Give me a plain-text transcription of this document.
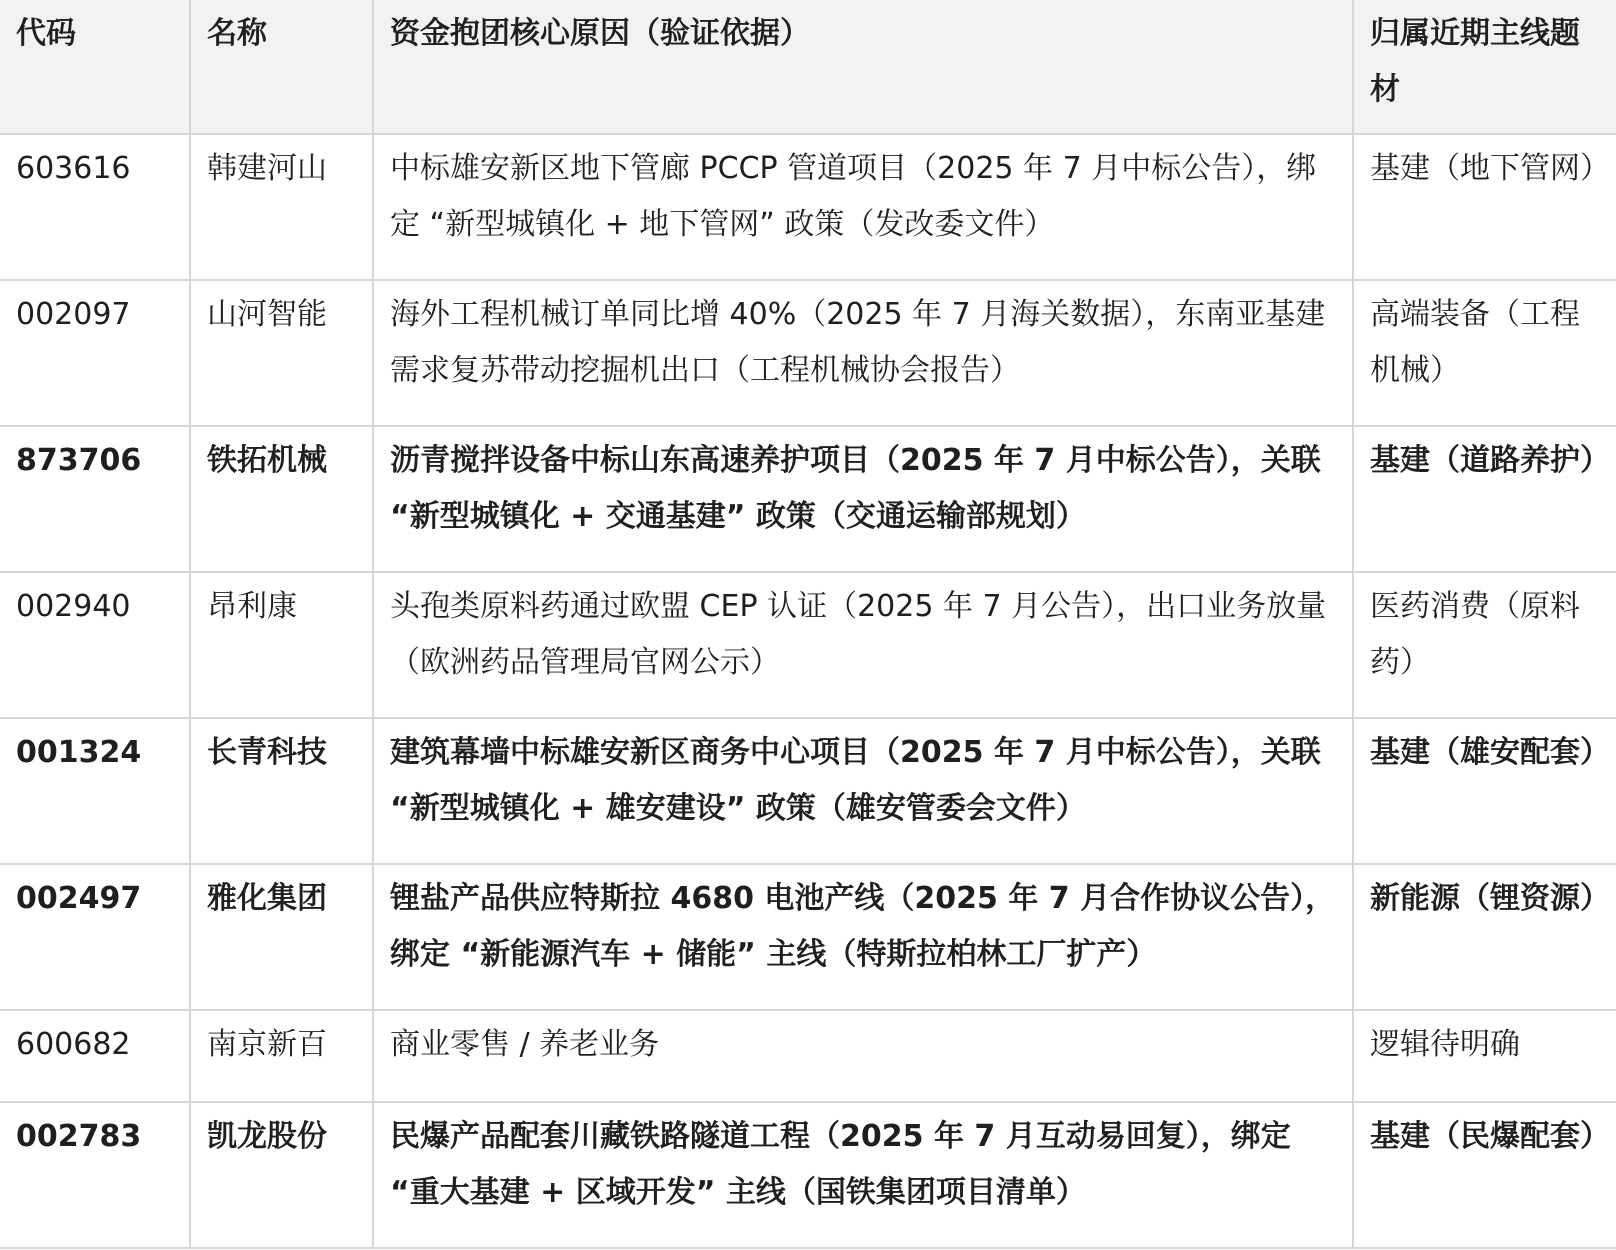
代码	名称	资金抱团核心原因（验证依据）	归属近期主线题材
603616	韩建河山	中标雄安新区地下管廊 PCCP 管道项目（2025 年 7 月中标公告），绑定 “新型城镇化 + 地下管网” 政策（发改委文件）	基建（地下管网）
002097	山河智能	海外工程机械订单同比增 40%（2025 年 7 月海关数据），东南亚基建需求复苏带动挖掘机出口（工程机械协会报告）	高端装备（工程机械）
873706	铁拓机械	沥青搅拌设备中标山东高速养护项目（2025 年 7 月中标公告），关联 “新型城镇化 + 交通基建” 政策（交通运输部规划）	基建（道路养护）
002940	昂利康	头孢类原料药通过欧盟 CEP 认证（2025 年 7 月公告），出口业务放量（欧洲药品管理局官网公示）	医药消费（原料药）
001324	长青科技	建筑幕墙中标雄安新区商务中心项目（2025 年 7 月中标公告），关联 “新型城镇化 + 雄安建设” 政策（雄安管委会文件）	基建（雄安配套）
002497	雅化集团	锂盐产品供应特斯拉 4680 电池产线（2025 年 7 月合作协议公告），绑定 “新能源汽车 + 储能” 主线（特斯拉柏林工厂扩产）	新能源（锂资源）
600682	南京新百	商业零售 / 养老业务	逻辑待明确
002783	凯龙股份	民爆产品配套川藏铁路隧道工程（2025 年 7 月互动易回复），绑定 “重大基建 + 区域开发” 主线（国铁集团项目清单）	基建（民爆配套）
